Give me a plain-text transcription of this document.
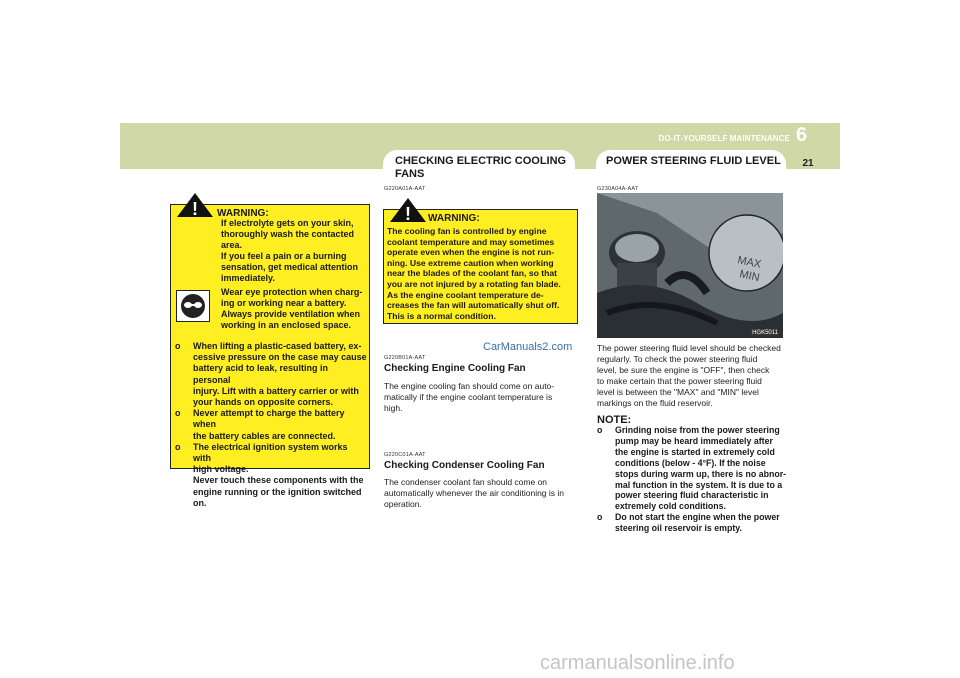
6
DO-IT-YOURSELF MAINTENANCE
21
! WARNING:
If electrolyte gets on your skin,
thoroughly wash the contacted
area.
If you feel a pain or a burning
sensation, get medical attention
immediately.
Wear eye protection when charg-
ing or working near a battery.
Always provide ventilation when
working in an enclosed space.
o When lifting a plastic-cased battery, ex-
cessive pressure on the case may cause
battery acid to leak, resulting in personal
injury. Lift with a battery carrier or with
your hands on opposite corners.
o Never attempt to charge the battery when
the battery cables are connected.
o The electrical ignition system works with
high voltage.
Never touch these components with the
engine running or the ignition switched
on.
CHECKING ELECTRIC COOLING
FANS
G220A01A-AAT
! WARNING:
The cooling fan is controlled by engine
coolant temperature and may sometimes
operate even when the engine is not run-
ning. Use extreme caution when working
near the blades of the coolant fan, so that
you are not injured by a rotating fan blade.
As the engine coolant temperature de-
creases the fan will automatically shut off.
This is a normal condition.
CarManuals2.com
G220B01A-AAT
Checking Engine Cooling Fan
The engine cooling fan should come on auto-
matically if the engine coolant temperature is
high.
G220C01A-AAT
Checking Condenser Cooling Fan
The condenser coolant fan should come on
automatically whenever the air conditioning is in
operation.
POWER STEERING FLUID LEVEL
G230A04A-AAT
MAX
MIN
HGK5011
The power steering fluid level should be checked
regularly. To check the power steering fluid
level, be sure the engine is "OFF", then check
to make certain that the power steering fluid
level is between the "MAX" and "MIN" level
markings on the fluid reservoir.
NOTE:
o Grinding noise from the power steering
pump may be heard immediately after
the engine is started in extremely cold
conditions (below - 4°F). If the noise
stops during warm up, there is no abnor-
mal function in the system. It is due to a
power steering fluid characteristic in
extremely cold conditions.
o Do not start the engine when the power
steering oil reservoir is empty.
carmanualsonline.info
